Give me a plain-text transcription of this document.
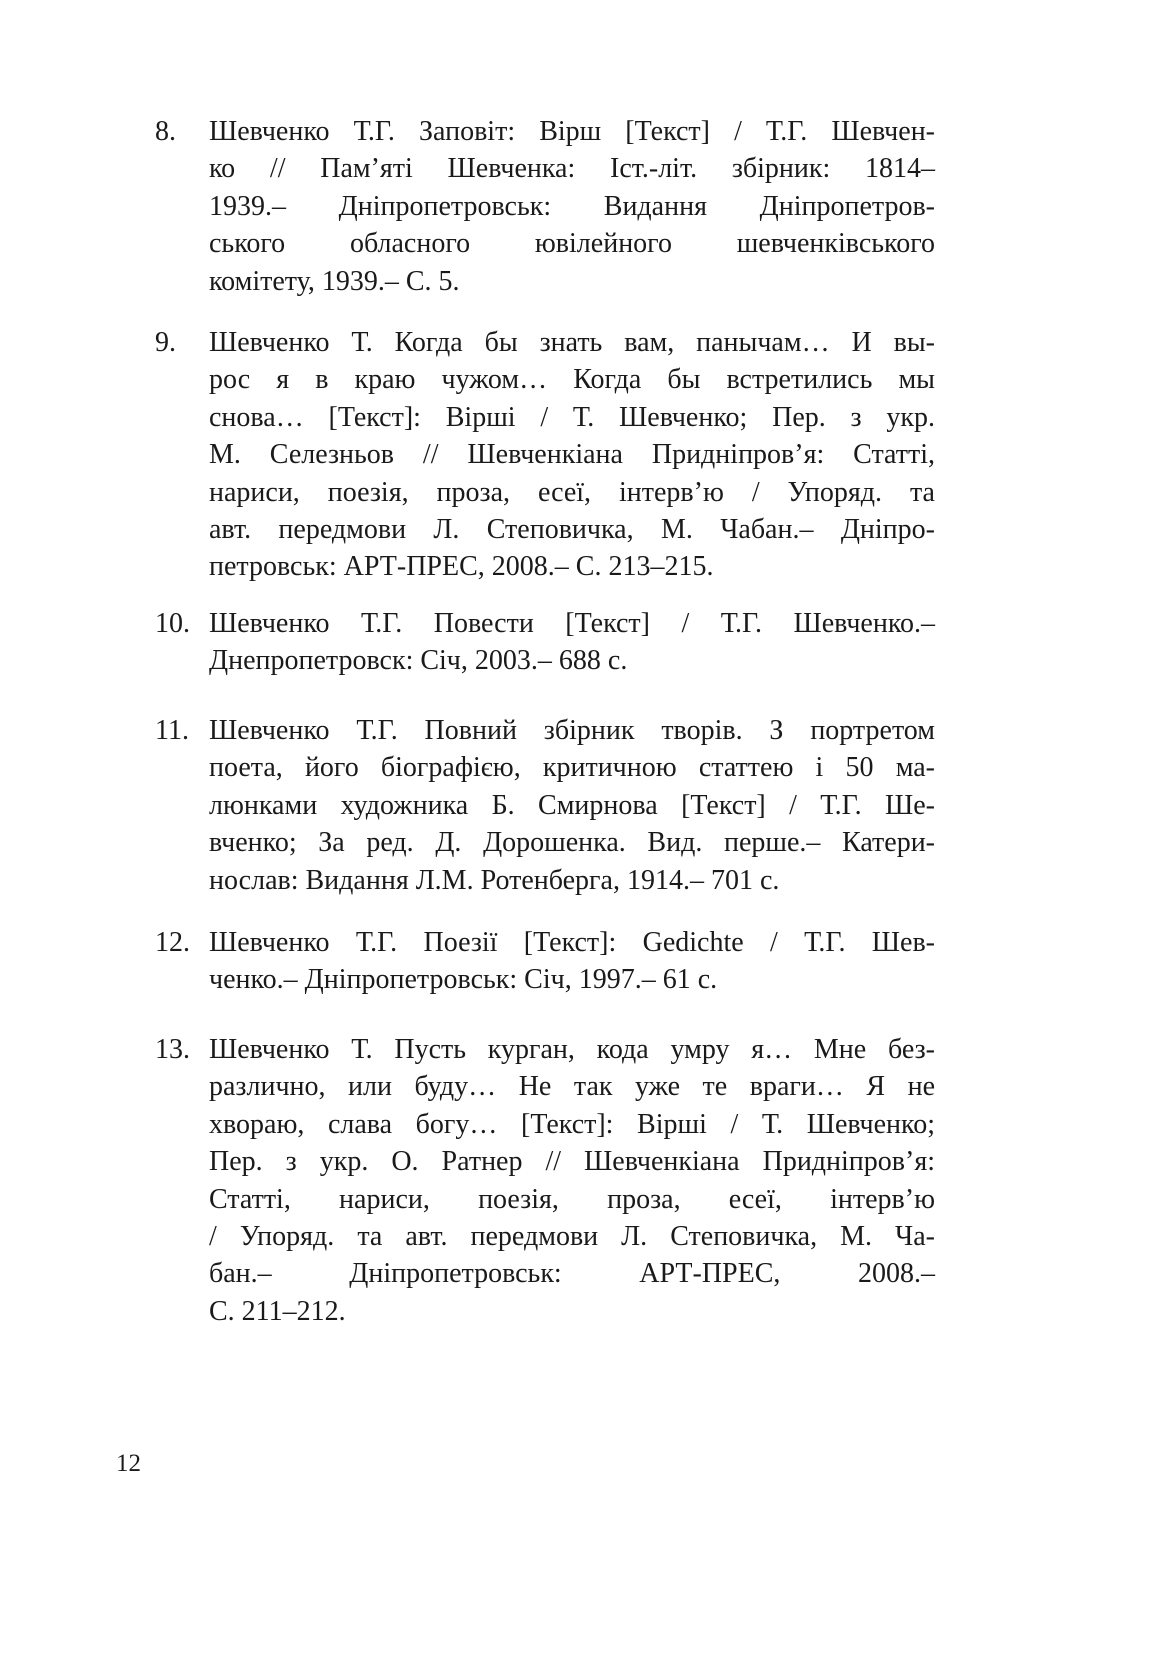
8.	Шевченко Т.Г. Заповіт: Вірш [Текст] / Т.Г. Шевчен-
ко // Пам’яті Шевченка: Іст.-літ. збірник: 1814–
1939.– Дніпропетровськ: Видання Дніпропетров-
ського обласного ювілейного шевченківського
комітету, 1939.– С. 5.
9.	Шевченко Т. Когда бы знать вам, панычам… И вы-
рос я в краю чужом… Когда бы встретились мы
снова… [Текст]: Вірші / Т. Шевченко; Пер. з укр.
М. Селезньов // Шевченкіана Придніпров’я: Статті,
нариси, поезія, проза, есеї, інтерв’ю / Упоряд. та
авт. передмови Л. Степовичка, М. Чабан.– Дніпро-
петровськ: АРТ-ПРЕС, 2008.– С. 213–215.
10. Шевченко Т.Г. Повести [Текст] / Т.Г. Шевченко.–
Днепропетровск: Січ, 2003.– 688 с.
11. Шевченко Т.Г. Повний збірник творів. З портретом
поета, його біографією, критичною статтею і 50 ма-
люнками художника Б. Смирнова [Текст] / Т.Г. Ше-
вченко; За ред. Д. Дорошенка. Вид. перше.– Катери-
нослав: Видання Л.М. Ротенберга, 1914.– 701 с.
12. Шевченко Т.Г. Поезії [Текст]: Gedichte / Т.Г. Шев-
ченко.– Дніпропетровськ: Січ, 1997.– 61 с.
13. Шевченко Т. Пусть курган, кода умру я… Мне без-
различно, или буду… Не так уже те враги… Я не
хвораю, слава богу… [Текст]: Вірші / Т. Шевченко;
Пер. з укр. О. Ратнер // Шевченкіана Придніпров’я:
Статті, нариси, поезія, проза, есеї, інтерв’ю
/ Упоряд. та авт. передмови Л. Степовичка, М. Ча-
бан.– Дніпропетровськ: АРТ-ПРЕС, 2008.–
С. 211–212.
12
